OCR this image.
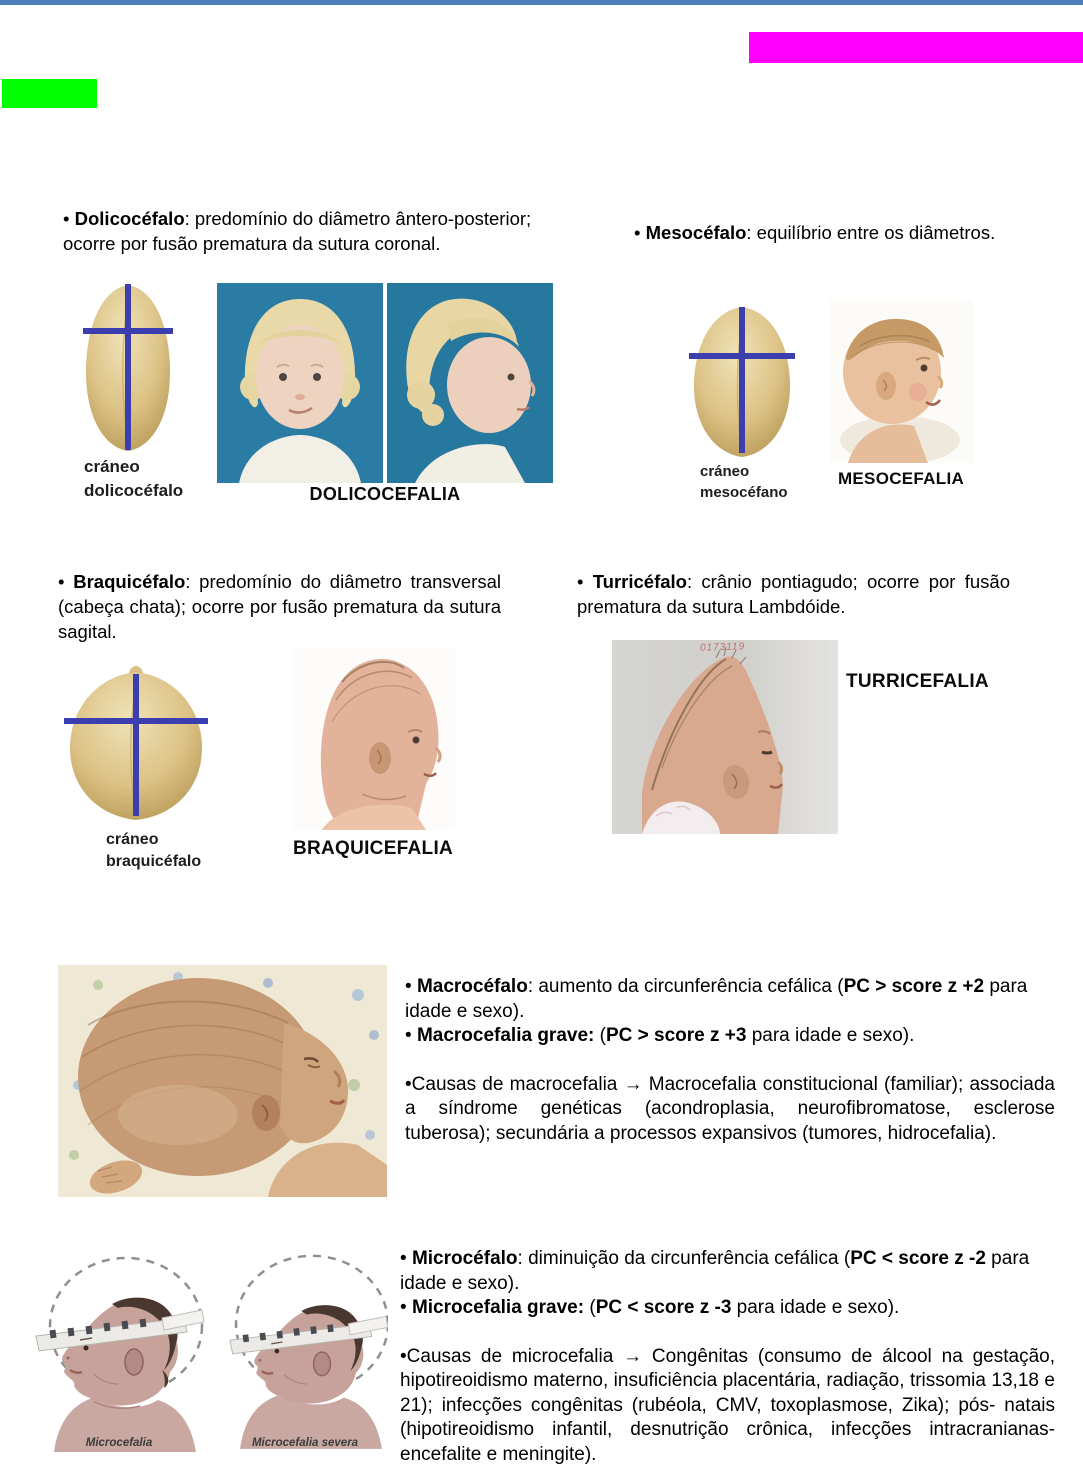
• Dolicocéfalo: predomínio do diâmetro ântero-posterior; ocorre por fusão prematura da sutura coronal.
• Mesocéfalo: equilíbrio entre os diâmetros.
cráneo
dolicocéfalo	DOLICOCEFALIA
cráneo
mesocéfano
MESOCEFALIA
• Braquicéfalo: predomínio do diâmetro transversal (cabeça chata); ocorre por fusão prematura da sutura sagital.
• Turricéfalo: crânio pontiagudo; ocorre por fusão prematura da sutura Lambdóide.
cráneo
braquicéfalo
BRAQUICEFALIA
0173119
TURRICEFALIA

• Macrocéfalo: aumento da circunferência cefálica (PC > score z +2 para idade e sexo).

• Macrocefalia grave: (PC > score z +3 para idade e sexo).

•Causas de macrocefalia → Macrocefalia constitucional (familiar); associada a síndrome genéticas (acondroplasia, neurofibromatose, esclerose tuberosa); secundária a processos expansivos (tumores, hidrocefalia).

Microcefalia	Microcefalia severa

• Microcéfalo: diminuição da circunferência cefálica (PC < score z -2 para idade e sexo).

• Microcefalia grave: (PC < score z -3 para idade e sexo).

•Causas de microcefalia → Congênitas (consumo de álcool na gestação, hipotireoidismo materno, insuficiência placentária, radiação, trissomia 13,18 e 21); infecções congênitas (rubéola, CMV, toxoplasmose, Zika); pós- natais (hipotireoidismo infantil, desnutrição crônica, infecções intracranianas- encefalite e meningite).
